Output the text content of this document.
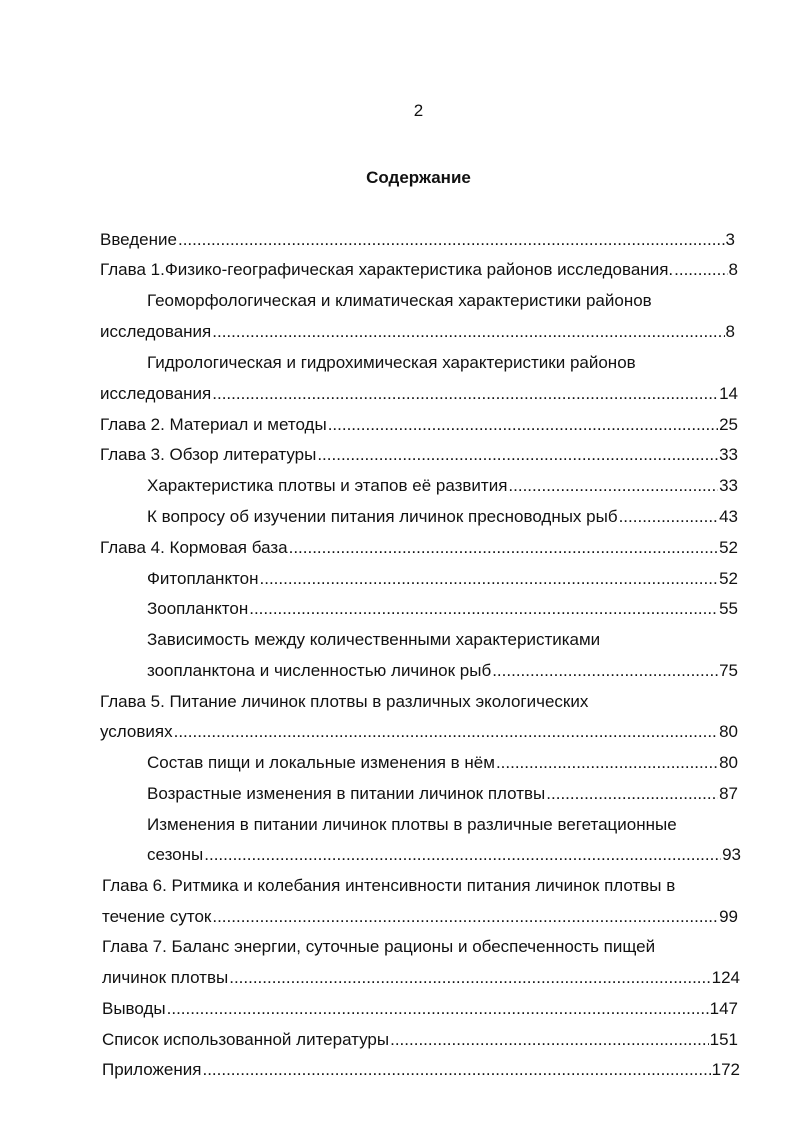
2
Содержание
Введение .....	3
Глава 1.Физико-географическая характеристика районов исследования. .....	8
Геоморфологическая и климатическая характеристики районов
исследования .....	8
Гидрологическая и гидрохимическая характеристики районов
исследования .....	14
Глава 2. Материал и методы .....	25
Глава 3. Обзор литературы .....	33
Характеристика плотвы и этапов её развития .....	33
К вопросу об изучении питания личинок пресноводных рыб .....	43
Глава 4. Кормовая база .....	52
Фитопланктон .....	52
Зоопланктон .....	55
Зависимость между количественными характеристиками
зоопланктона и численностью личинок рыб .....	75
Глава 5. Питание личинок плотвы в различных экологических
условиях .....	80
Состав пищи и локальные изменения в нём .....	80
Возрастные изменения в питании личинок плотвы .....	87
Изменения в питании личинок плотвы в различные вегетационные
сезоны .....	93
Глава 6. Ритмика и колебания интенсивности питания личинок плотвы в
течение суток .....	99
Глава 7. Баланс энергии, суточные рационы и обеспеченность пищей
личинок плотвы .....	124
Выводы .....	147
Список использованной литературы .....	151
Приложения .....	172
